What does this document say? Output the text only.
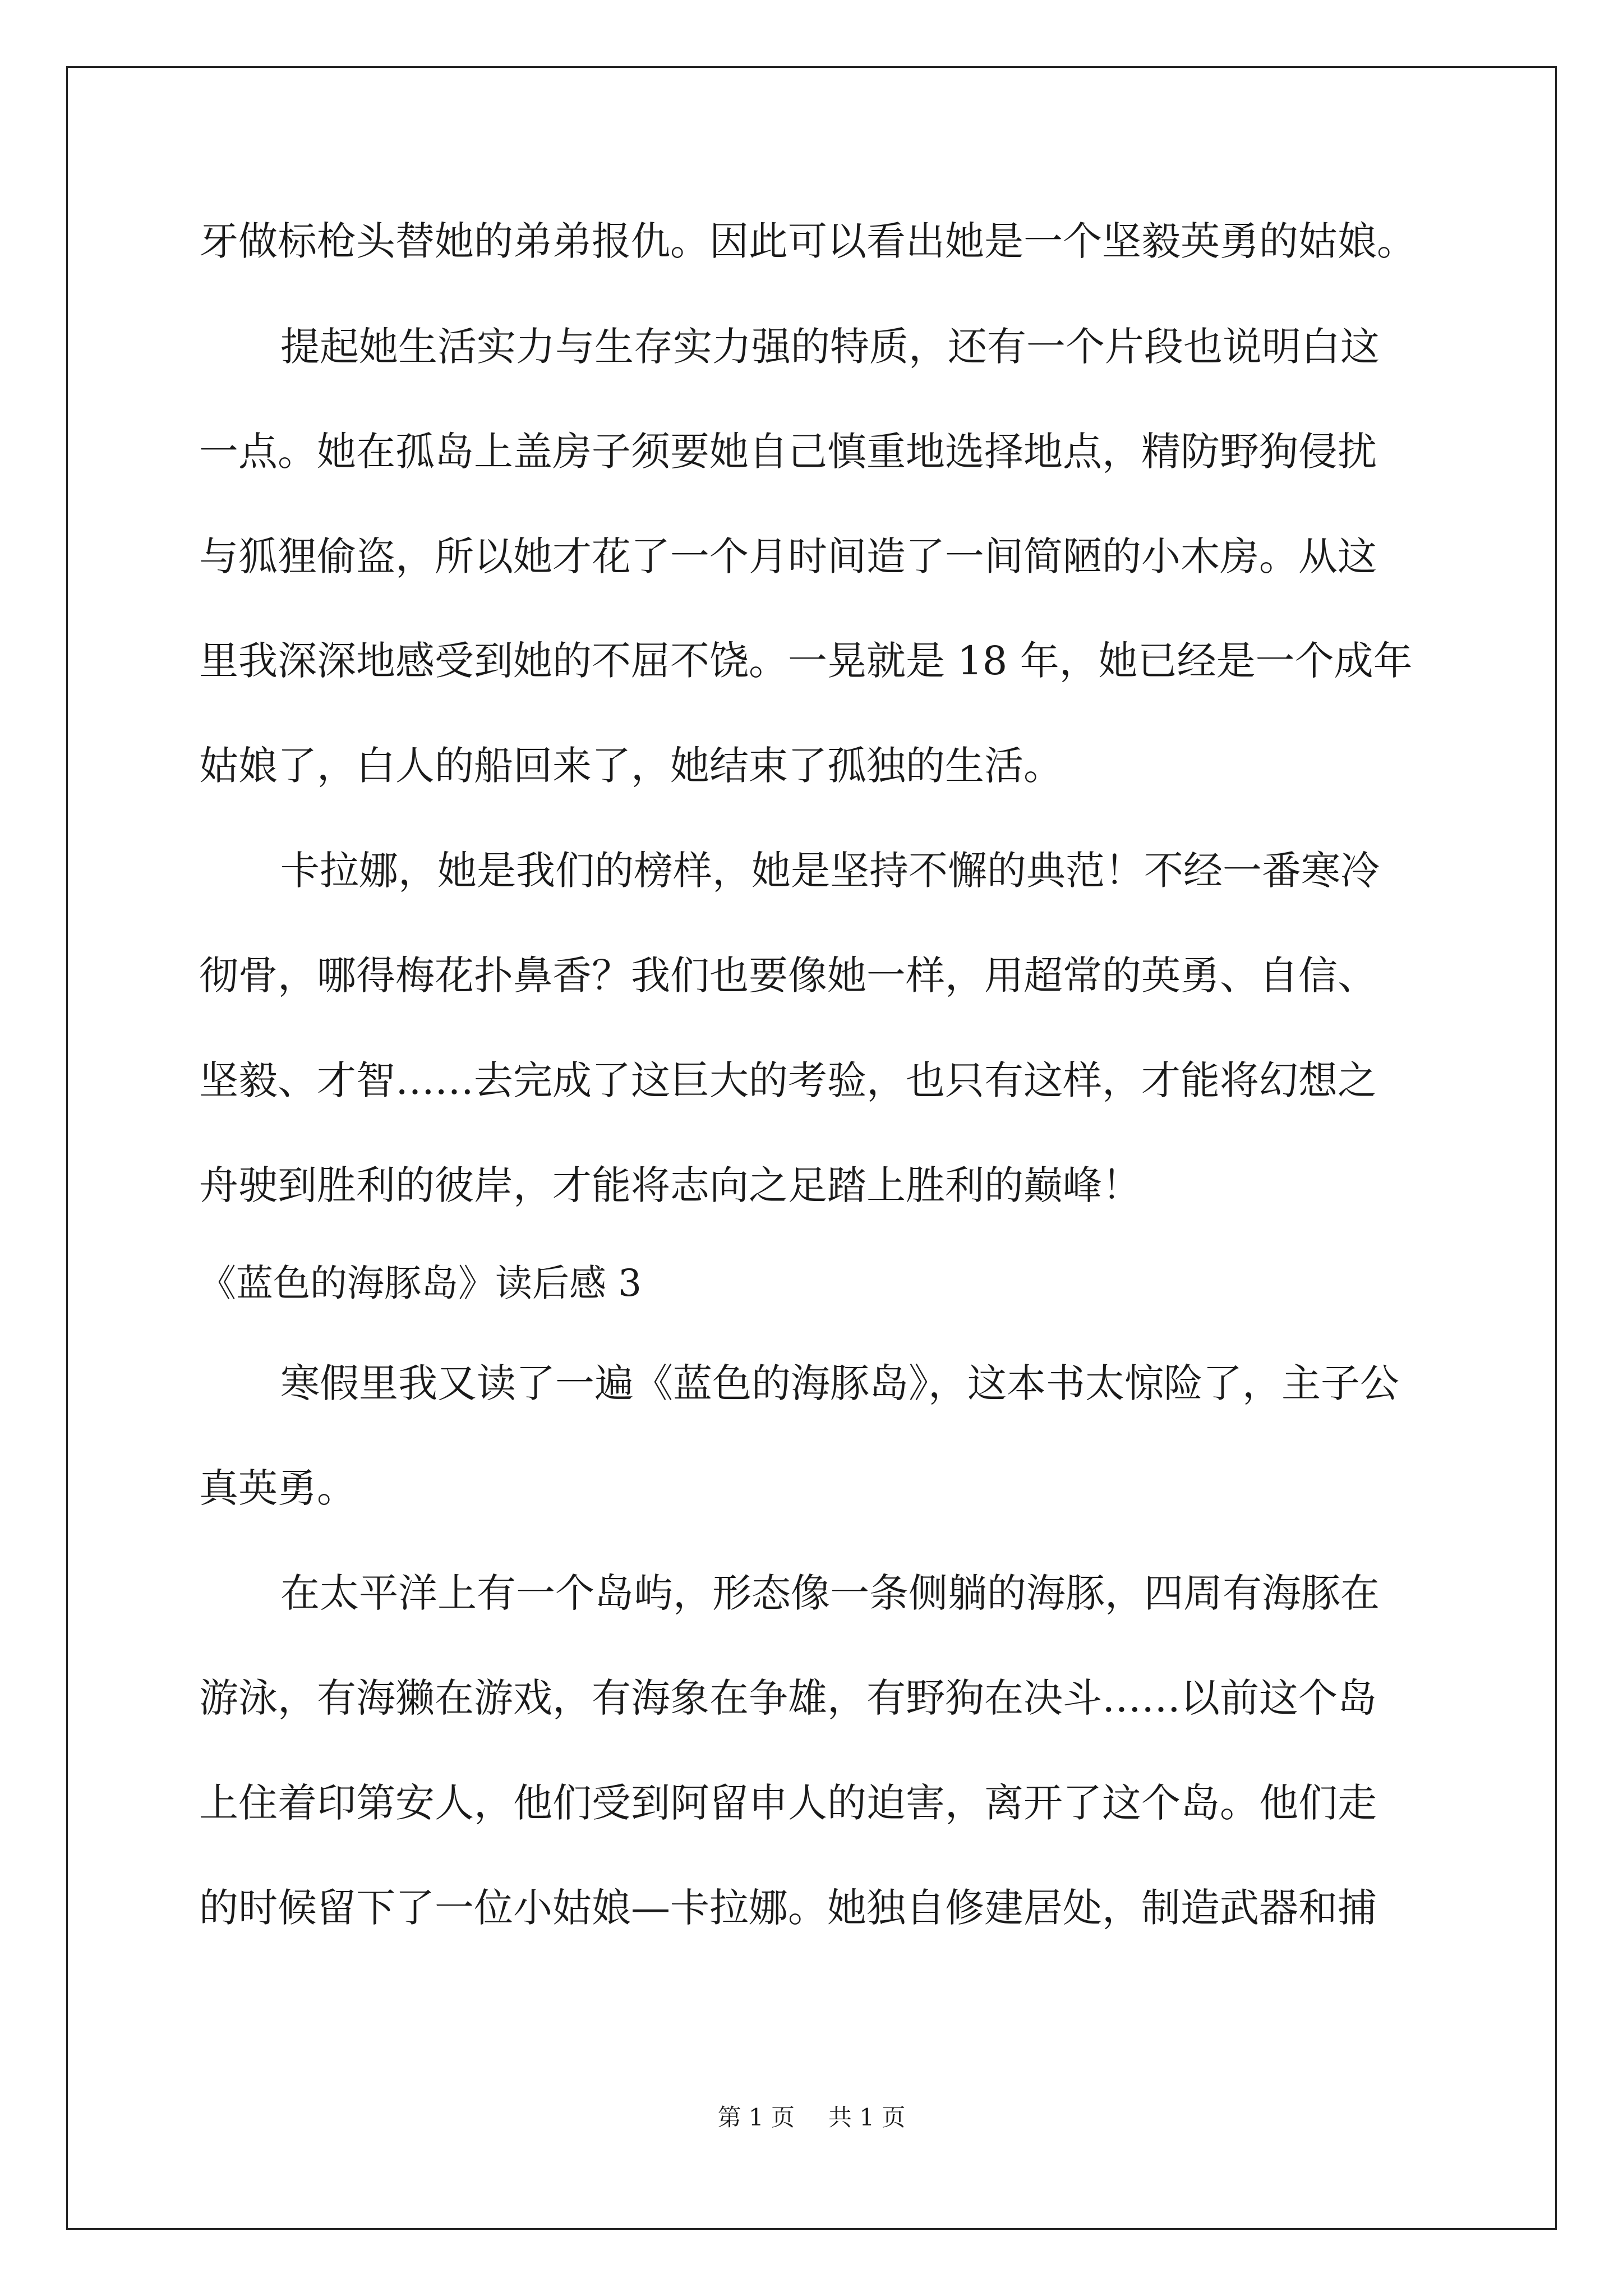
牙做标枪头替她的弟弟报仇。因此可以看出她是一个坚毅英勇的姑娘。
提起她生活实力与生存实力强的特质，还有一个片段也说明白这
一点。她在孤岛上盖房子须要她自己慎重地选择地点，精防野狗侵扰
与狐狸偷盗，所以她才花了一个月时间造了一间简陋的小木房。从这
里我深深地感受到她的不屈不饶。一晃就是 18 年，她已经是一个成年
姑娘了，白人的船回来了，她结束了孤独的生活。
卡拉娜，她是我们的榜样，她是坚持不懈的典范！不经一番寒冷
彻骨，哪得梅花扑鼻香？我们也要像她一样，用超常的英勇、自信、
坚毅、才智……去完成了这巨大的考验，也只有这样，才能将幻想之
舟驶到胜利的彼岸，才能将志向之足踏上胜利的巅峰！
《蓝色的海豚岛》读后感 3
寒假里我又读了一遍《蓝色的海豚岛》，这本书太惊险了，主子公
真英勇。
在太平洋上有一个岛屿，形态像一条侧躺的海豚，四周有海豚在
游泳，有海獭在游戏，有海象在争雄，有野狗在决斗……以前这个岛
上住着印第安人，他们受到阿留申人的迫害，离开了这个岛。他们走
的时候留下了一位小姑娘—卡拉娜。她独自修建居处，制造武器和捕
第 1 页 共 1 页
